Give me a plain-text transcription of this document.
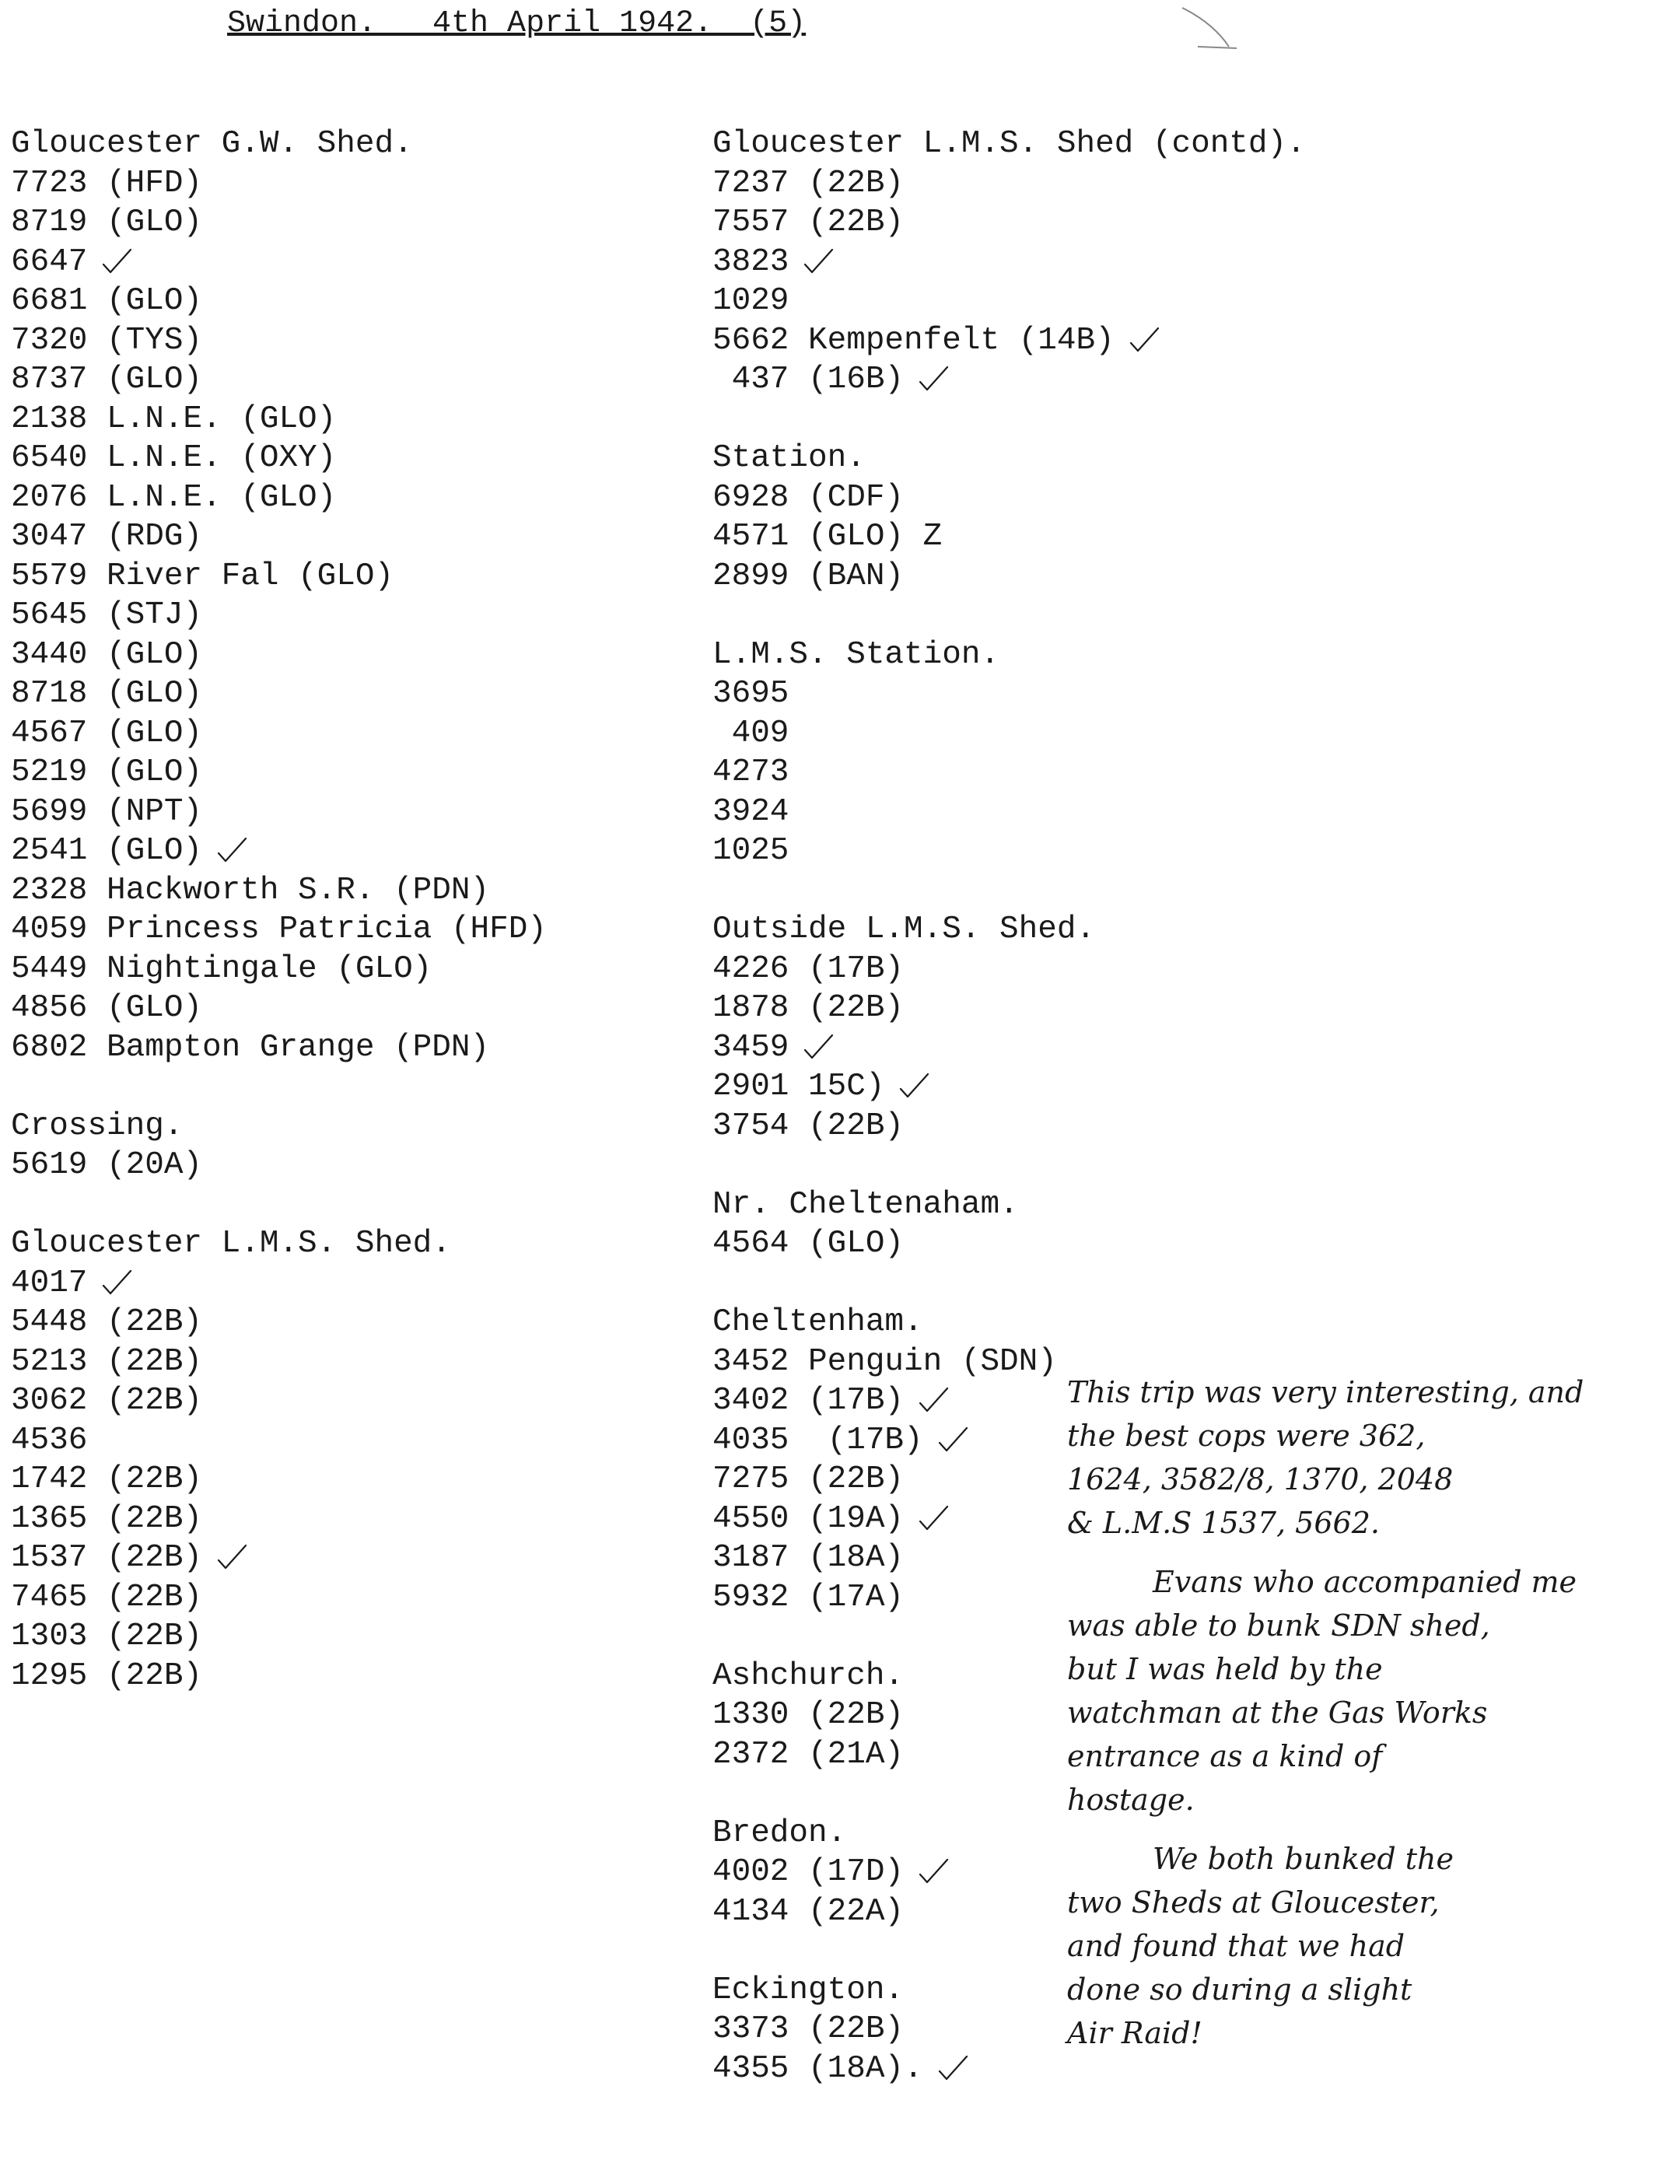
Swindon.   4th April 1942.  (5)
Gloucester G.W. Shed.
7723 (HFD)
8719 (GLO)
6647
6681 (GLO)
7320 (TYS)
8737 (GLO)
2138 L.N.E. (GLO)
6540 L.N.E. (OXY)
2076 L.N.E. (GLO)
3047 (RDG)
5579 River Fal (GLO)
5645 (STJ)
3440 (GLO)
8718 (GLO)
4567 (GLO)
5219 (GLO)
5699 (NPT)
2541 (GLO)
2328 Hackworth S.R. (PDN)
4059 Princess Patricia (HFD)
5449 Nightingale (GLO)
4856 (GLO)
6802 Bampton Grange (PDN)
Crossing.
5619 (20A)
Gloucester L.M.S. Shed.
4017
5448 (22B)
5213 (22B)
3062 (22B)
4536
1742 (22B)
1365 (22B)
1537 (22B)
7465 (22B)
1303 (22B)
1295 (22B)
Gloucester L.M.S. Shed (contd).
7237 (22B)
7557 (22B)
3823
1029
5662 Kempenfelt (14B)
437 (16B)
Station.
6928 (CDF)
4571 (GLO) Z
2899 (BAN)
L.M.S. Station.
3695
409
4273
3924
1025
Outside L.M.S. Shed.
4226 (17B)
1878 (22B)
3459
2901 15C)
3754 (22B)
Nr. Cheltenaham.
4564 (GLO)
Cheltenham.
3452 Penguin (SDN)
3402 (17B)
4035  (17B)
7275 (22B)
4550 (19A)
3187 (18A)
5932 (17A)
Ashchurch.
1330 (22B)
2372 (21A)
Bredon.
4002 (17D)
4134 (22A)
Eckington.
3373 (22B)
4355 (18A).

This trip was very interesting, and

the best cops were 362,

1624, 3582/8, 1370, 2048

& L.M.S 1537, 5662.

Evans who accompanied me

was able to bunk SDN shed,

but I was held by the

watchman at the Gas Works

entrance as a kind of

hostage.

We both bunked the

two Sheds at Gloucester,

and found that we had

done so during a slight

Air Raid!
